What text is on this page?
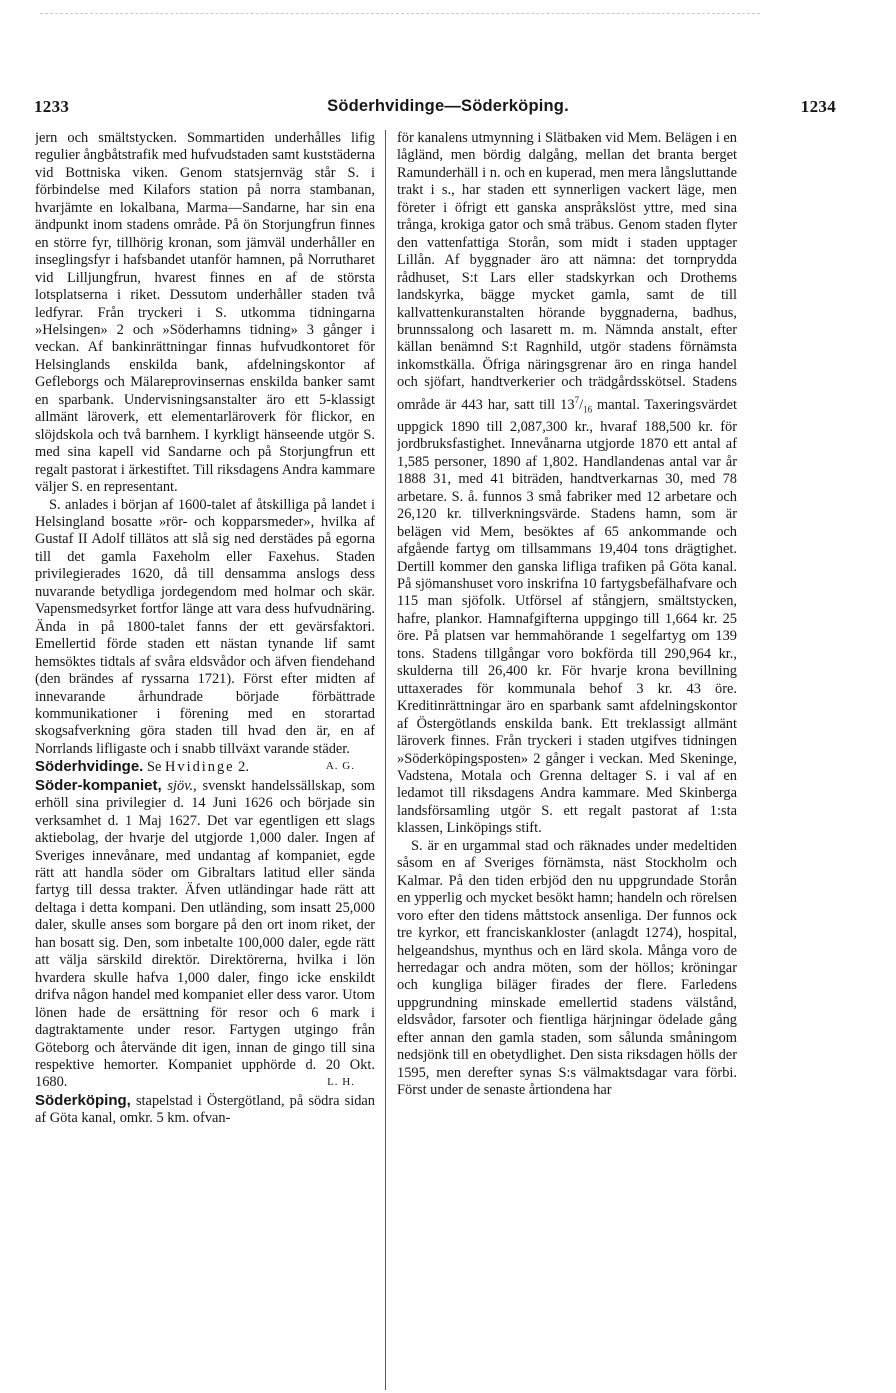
1233	Söderhvidinge—Söderköping.	1234

jern och smältstycken. Sommartiden underhålles lifig regulier ångbåtstrafik med hufvudstaden samt kuststäderna vid Bottniska viken. Genom statsjernväg står S. i förbindelse med Kilafors station på norra stambanan, hvarjämte en lokalbana, Marma—Sandarne, har sin ena ändpunkt inom stadens område. På ön Storjungfrun finnes en större fyr, tillhörig kronan, som jämväl underhåller en inseglingsfyr i hafsbandet utanför hamnen, på Norrutharet vid Lilljungfrun, hvarest finnes en af de största lotsplatserna i riket. Dessutom underhåller staden två ledfyrar. Från tryckeri i S. utkomma tidningarna »Helsingen» 2 och »Söderhamns tidning» 3 gånger i veckan. Af bankinrättningar finnas hufvudkontoret för Helsinglands enskilda bank, afdelningskontor af Gefleborgs och Mälareprovinsernas enskilda banker samt en sparbank. Undervisningsanstalter äro ett 5-klassigt allmänt läroverk, ett elementarläroverk för flickor, en slöjdskola och två barnhem. I kyrkligt hänseende utgör S. med sina kapell vid Sandarne och på Storjungfrun ett regalt pastorat i ärkestiftet. Till riksdagens Andra kammare väljer S. en representant.

S. anlades i början af 1600-talet af åtskilliga på landet i Helsingland bosatte »rör- och kopparsmeder», hvilka af Gustaf II Adolf tillätos att slå sig ned derstädes på egorna till det gamla Faxeholm eller Faxehus. Staden privilegierades 1620, då till densamma anslogs dess nuvarande betydliga jordegendom med holmar och skär. Vapensmedsyrket fortfor länge att vara dess hufvudnäring. Ända in på 1800-talet fanns der ett gevärsfaktori. Emellertid förde staden ett nästan tynande lif samt hemsöktes tidtals af svåra eldsvådor och äfven fiendehand (den brändes af ryssarna 1721). Först efter midten af innevarande århundrade började förbättrade kommunikationer i förening med en storartad skogsafverkning göra staden till hvad den är, en af Norrlands lifligaste och i snabb tillväxt varande städer.
A. G.

Söderhvidinge. Se Hvidinge 2.

Söder-kompaniet, sjöv., svenskt handelssällskap, som erhöll sina privilegier d. 14 Juni 1626 och började sin verksamhet d. 1 Maj 1627. Det var egentligen ett slags aktiebolag, der hvarje del utgjorde 1,000 daler. Ingen af Sveriges innevånare, med undantag af kompaniet, egde rätt att handla söder om Gibraltars latitud eller sända fartyg till dessa trakter. Äfven utländingar hade rätt att deltaga i detta kompani. Den utländing, som insatt 25,000 daler, skulle anses som borgare på den ort inom riket, der han bosatt sig. Den, som inbetalte 100,000 daler, egde rätt att välja särskild direktör. Direktörerna, hvilka i lön hvardera skulle hafva 1,000 daler, fingo icke enskildt drifva någon handel med kompaniet eller dess varor. Utom lönen hade de ersättning för resor och 6 mark i dagtraktamente under resor. Fartygen utgingo från Göteborg och återvände dit igen, innan de gingo till sina respektive hemorter. Kompaniet upphörde d. 20 Okt. 1680.	L. H.

Söderköping, stapelstad i Östergötland, på södra sidan af Göta kanal, omkr. 5 km. ofvan-

för kanalens utmynning i Slätbaken vid Mem. Belägen i en lågländ, men bördig dalgång, mellan det branta berget Ramunderhäll i n. och en kuperad, men mera långsluttande trakt i s., har staden ett synnerligen vackert läge, men företer i öfrigt ett ganska anspråkslöst yttre, med sina trånga, krokiga gator och små träbus. Genom staden flyter den vattenfattiga Storån, som midt i staden upptager Lillån. Af byggnader äro att nämna: det tornprydda rådhuset, S:t Lars eller stadskyrkan och Drothems landskyrka, bägge mycket gamla, samt de till kallvattenkuranstalten hörande byggnaderna, badhus, brunnssalong och lasarett m. m. Nämnda anstalt, efter källan benämnd S:t Ragnhild, utgör stadens förnämsta inkomstkälla. Öfriga näringsgrenar äro en ringa handel och sjöfart, handtverkerier och trädgårdsskötsel. Stadens område är 443 har, satt till $13^7/_{16}$ mantal. Taxeringsvärdet uppgick 1890 till 2,087,300 kr., hvaraf 188,500 kr. för jordbruksfastighet. Innevånarna utgjorde 1870 ett antal af 1,585 personer, 1890 af 1,802. Handlandenas antal var år 1888 31, med 41 biträden, handtverkarnas 30, med 78 arbetare. S. å. funnos 3 små fabriker med 12 arbetare och 26,120 kr. tillverkningsvärde. Stadens hamn, som är belägen vid Mem, besöktes af 65 ankommande och afgående fartyg om tillsammans 19,404 tons drägtighet. Dertill kommer den ganska lifliga trafiken på Göta kanal. På sjömanshuset voro inskrifna 10 fartygsbefälhafvare och 115 man sjöfolk. Utförsel af stångjern, smältstycken, hafre, plankor. Hamnafgifterna uppgingo till 1,664 kr. 25 öre. På platsen var hemmahörande 1 segelfartyg om 139 tons. Stadens tillgångar voro bokförda till 290,964 kr., skulderna till 26,400 kr. För hvarje krona bevillning uttaxerades för kommunala behof 3 kr. 43 öre. Kreditinrättningar äro en sparbank samt afdelningskontor af Östergötlands enskilda bank. Ett treklassigt allmänt läroverk finnes. Från tryckeri i staden utgifves tidningen »Söderköpingsposten» 2 gånger i veckan. Med Skeninge, Vadstena, Motala och Grenna deltager S. i val af en ledamot till riksdagens Andra kammare. Med Skinberga landsförsamling utgör S. ett regalt pastorat af 1:sta klassen, Linköpings stift.

S. är en urgammal stad och räknades under medeltiden såsom en af Sveriges förnämsta, näst Stockholm och Kalmar. På den tiden erbjöd den nu uppgrundade Storån en ypperlig och mycket besökt hamn; handeln och rörelsen voro efter den tidens måttstock ansenliga. Der funnos ock tre kyrkor, ett franciskankloster (anlagdt 1274), hospital, helgeandshus, mynthus och en lärd skola. Många voro de herredagar och andra möten, som der höllos; kröningar och kungliga biläger firades der flere. Farledens uppgrundning minskade emellertid stadens välstånd, eldsvådor, farsoter och fientliga härjningar ödelade gång efter annan den gamla staden, som sålunda småningom nedsjönk till en obetydlighet. Den sista riksdagen hölls der 1595, men derefter synas S:s välmaktsdagar vara förbi. Först under de senaste årtiondena har
